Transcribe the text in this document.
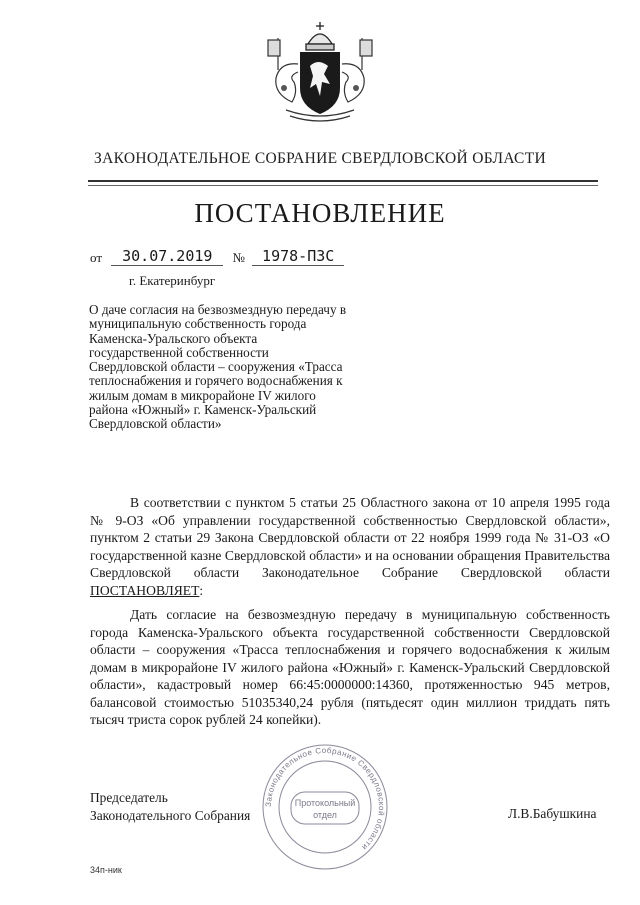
ЗАКОНОДАТЕЛЬНОЕ СОБРАНИЕ СВЕРДЛОВСКОЙ ОБЛАСТИ
ПОСТАНОВЛЕНИЕ
от 30.07.2019 № 1978-ПЗС
г. Екатеринбург
О даче согласия на безвозмездную передачу в муниципальную собственность города Каменска-Уральского объекта государственной собственности Свердловской области – сооружения «Трасса теплоснабжения и горячего водоснабжения к жилым домам в микрорайоне IV жилого района «Южный» г. Каменск-Уральский Свердловской области»
В соответствии с пунктом 5 статьи 25 Областного закона от 10 апреля 1995 года № 9-ОЗ «Об управлении государственной собственностью Свердловской области», пунктом 2 статьи 29 Закона Свердловской области от 22 ноября 1999 года № 31-ОЗ «О государственной казне Свердловской области» и на основании обращения Правительства Свердловской области Законодательное Собрание Свердловской области ПОСТАНОВЛЯЕТ:
Дать согласие на безвозмездную передачу в муниципальную собственность города Каменска-Уральского объекта государственной собственности Свердловской области – сооружения «Трасса теплоснабжения и горячего водоснабжения к жилым домам в микрорайоне IV жилого района «Южный» г. Каменск-Уральский Свердловской области», кадастровый номер 66:45:0000000:14360, протяженностью 945 метров, балансовой стоимостью 51035340,24 рубля (пятьдесят один миллион триддать пять тысяч триста сорок рублей 24 копейки).
Председатель
Законодательного Собрания
Законодательное Собрание Свердловской области
Протокольный
отдел	Л.В.Бабушкина
34п-ник
